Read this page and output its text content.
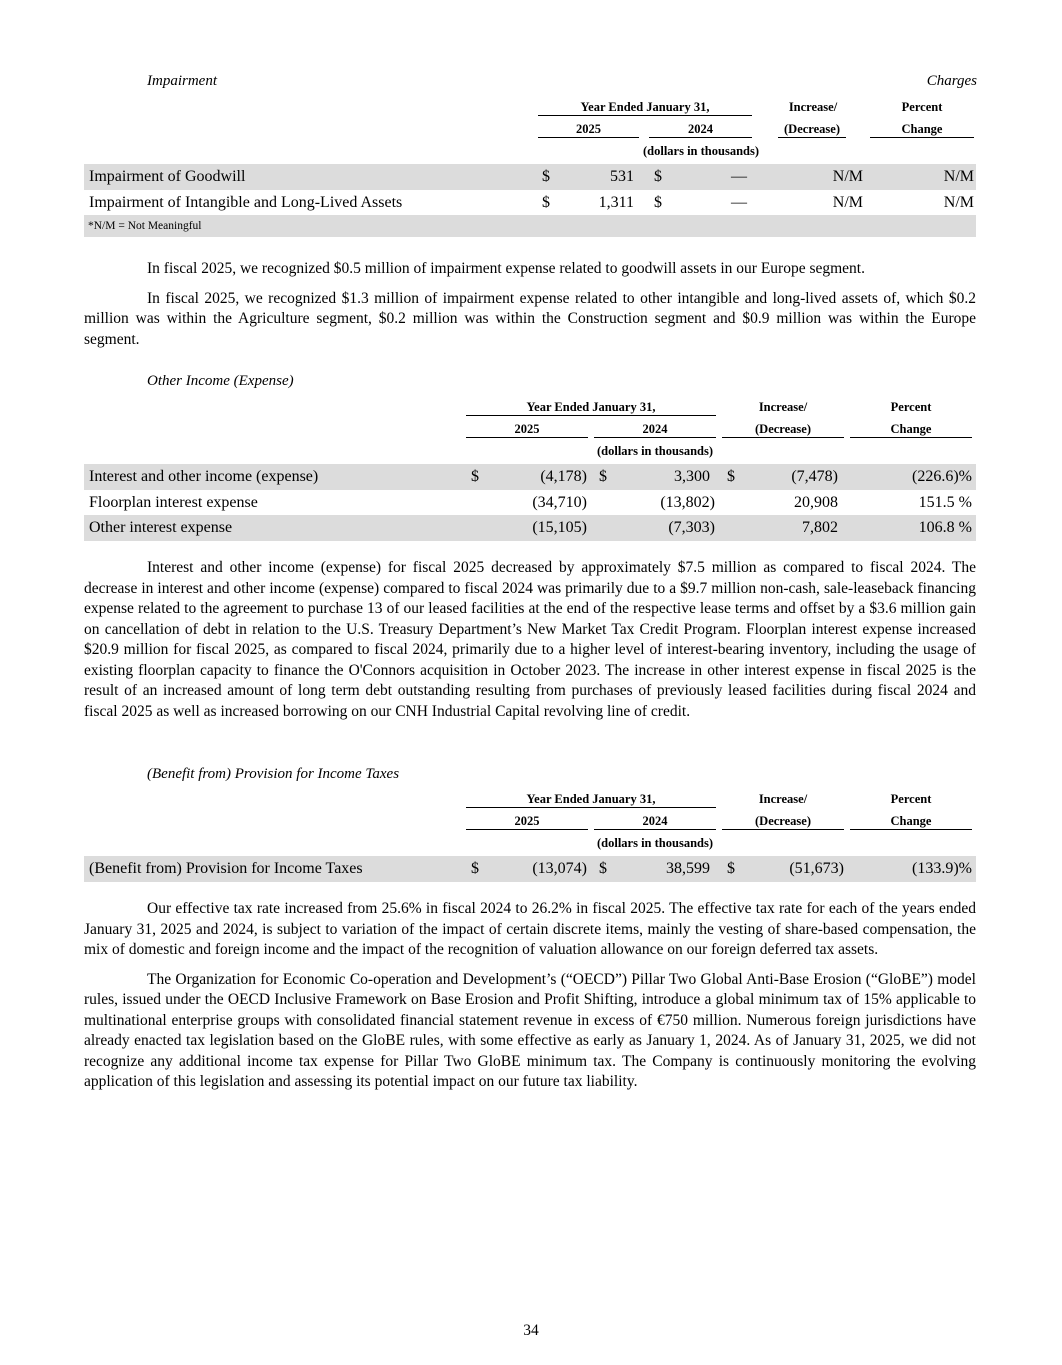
Impairment	Charges
Year Ended January 31,	Increase/	Percent
2025	2024	(Decrease)	Change
(dollars in thousands)
Impairment of Goodwill	$	531 $	—	N/M	N/M
Impairment of Intangible and Long-Lived Assets	$	1,311 $	—	N/M	N/M
*N/M = Not Meaningful

In fiscal 2025, we recognized $0.5 million of impairment expense related to goodwill assets in our Europe segment.

In fiscal 2025, we recognized $1.3 million of impairment expense related to other intangible and long-lived assets of, which $0.2 million was within the Agriculture segment, $0.2 million was within the Construction segment and $0.9 million was within the Europe segment.

Other Income (Expense)
Year Ended January 31,	Increase/	Percent
2025	2024	(Decrease)	Change
(dollars in thousands)
Interest and other income (expense)	$	(4,178) $	3,300 $	(7,478)	(226.6)%
Floorplan interest expense	(34,710)	(13,802)	20,908	151.5 %
Other interest expense	(15,105)	(7,303)	7,802	106.8 %

Interest and other income (expense) for fiscal 2025 decreased by approximately $7.5 million as compared to fiscal 2024. The decrease in interest and other income (expense) compared to fiscal 2024 was primarily due to a $9.7 million non-cash, sale-leaseback financing expense related to the agreement to purchase 13 of our leased facilities at the end of the respective lease terms and offset by a $3.6 million gain on cancellation of debt in relation to the U.S. Treasury Department’s New Market Tax Credit Program. Floorplan interest expense increased $20.9 million for fiscal 2025, as compared to fiscal 2024, primarily due to a higher level of interest-bearing inventory, including the usage of existing floorplan capacity to finance the O'Connors acquisition in October 2023. The increase in other interest expense in fiscal 2025 is the result of an increased amount of long term debt outstanding resulting from purchases of previously leased facilities during fiscal 2024 and fiscal 2025 as well as increased borrowing on our CNH Industrial Capital revolving line of credit.

(Benefit from) Provision for Income Taxes
Year Ended January 31,	Increase/	Percent
2025	2024	(Decrease)	Change
(dollars in thousands)
(Benefit from) Provision for Income Taxes	$	(13,074) $	38,599 $	(51,673)	(133.9)%

Our effective tax rate increased from 25.6% in fiscal 2024 to 26.2% in fiscal 2025. The effective tax rate for each of the years ended January 31, 2025 and 2024, is subject to variation of the impact of certain discrete items, mainly the vesting of share-based compensation, the mix of domestic and foreign income and the impact of the recognition of valuation allowance on our foreign deferred tax assets.

The Organization for Economic Co-operation and Development’s (“OECD”) Pillar Two Global Anti-Base Erosion (“GloBE”) model rules, issued under the OECD Inclusive Framework on Base Erosion and Profit Shifting, introduce a global minimum tax of 15% applicable to multinational enterprise groups with consolidated financial statement revenue in excess of €750 million. Numerous foreign jurisdictions have already enacted tax legislation based on the GloBE rules, with some effective as early as January 1, 2024. As of January 31, 2025, we did not recognize any additional income tax expense for Pillar Two GloBE minimum tax. The Company is continuously monitoring the evolving application of this legislation and assessing its potential impact on our future tax liability.

34
